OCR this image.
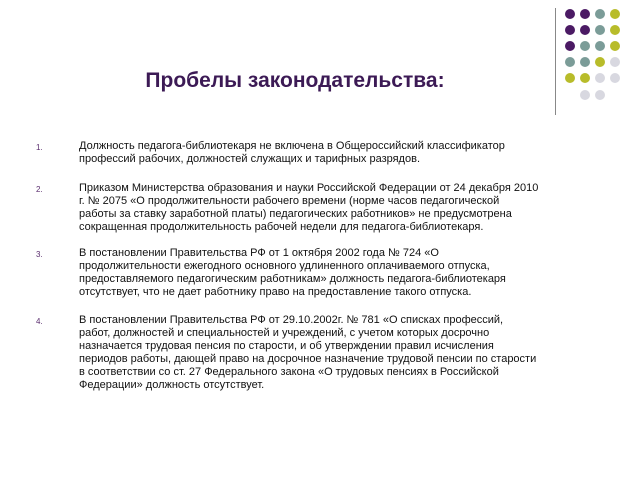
Пробелы законодательства:
1.	Должность педагога-библиотекаря не включена в Общероссийский классификатор
профессий рабочих, должностей служащих и тарифных разрядов.
2.	Приказом Министерства образования и науки Российской Федерации от 24 декабря 2010
г. № 2075 «О продолжительности рабочего времени (норме часов педагогической
работы за ставку заработной платы) педагогических работников» не предусмотрена
сокращенная продолжительность рабочей недели для педагога-библиотекаря.
3.	В постановлении Правительства РФ от 1 октября 2002 года № 724 «О
продолжительности ежегодного основного удлиненного оплачиваемого отпуска,
предоставляемого педагогическим работникам» должность педагога-библиотекаря
отсутствует, что не дает работнику право на предоставление такого отпуска.
4.	В постановлении Правительства РФ от 29.10.2002г. № 781 «О списках профессий,
работ, должностей и специальностей и учреждений, с учетом которых досрочно
назначается трудовая пенсия по старости, и об утверждении правил исчисления
периодов работы, дающей право на досрочное назначение трудовой пенсии по старости
в соответствии со ст. 27 Федерального закона «О трудовых пенсиях в Российской
Федерации» должность отсутствует.
